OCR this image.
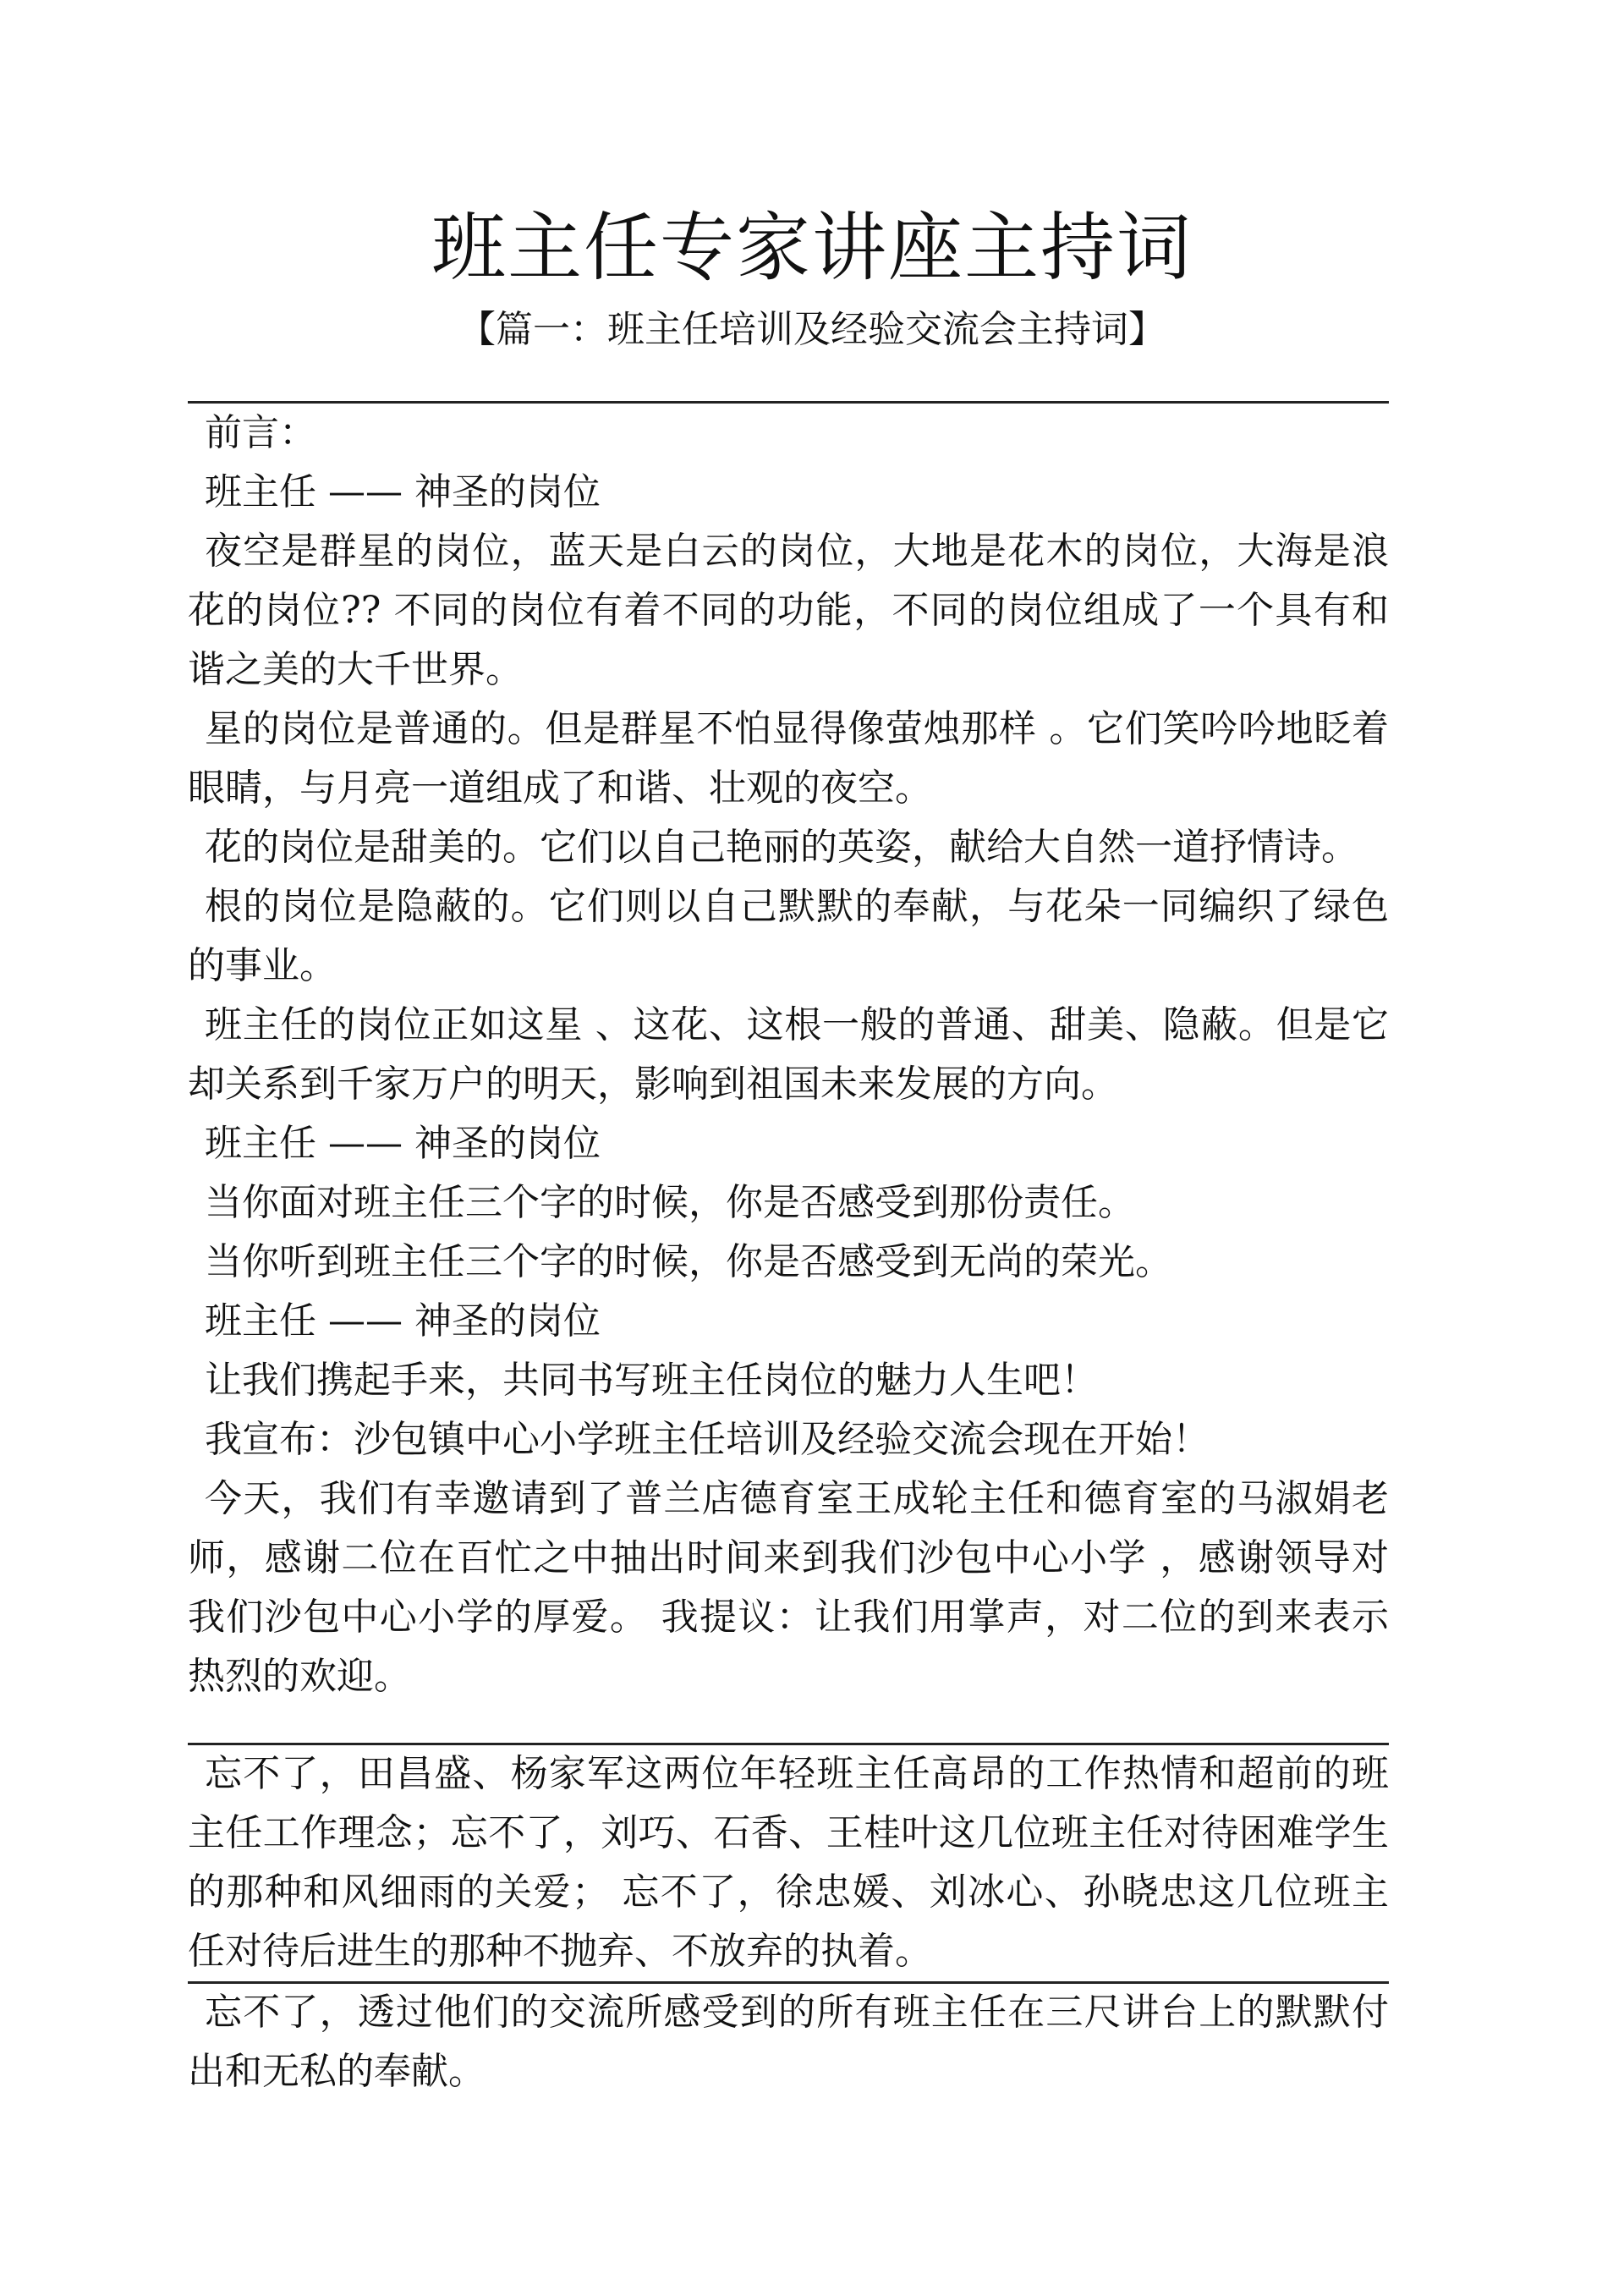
班主任专家讲座主持词
【篇一：班主任培训及经验交流会主持词】

前言：

班主任 —— 神圣的岗位

夜空是群星的岗位，蓝天是白云的岗位，大地是花木的岗位，大海是浪花的岗位?? 不同的岗位有着不同的功能，不同的岗位组成了一个具有和谐之美的大千世界。

星的岗位是普通的。但是群星不怕显得像萤烛那样 。它们笑吟吟地眨着眼睛，与月亮一道组成了和谐、壮观的夜空。

花的岗位是甜美的。它们以自己艳丽的英姿，献给大自然一道抒情诗。

根的岗位是隐蔽的。它们则以自己默默的奉献，与花朵一同编织了绿色的事业。

班主任的岗位正如这星 、这花、这根一般的普通、甜美、隐蔽。但是它却关系到千家万户的明天，影响到祖国未来发展的方向。

班主任 —— 神圣的岗位

当你面对班主任三个字的时候，你是否感受到那份责任。

当你听到班主任三个字的时候，你是否感受到无尚的荣光。

班主任 —— 神圣的岗位

让我们携起手来，共同书写班主任岗位的魅力人生吧！

我宣布：沙包镇中心小学班主任培训及经验交流会现在开始！

今天，我们有幸邀请到了普兰店德育室王成轮主任和德育室的马淑娟老师，感谢二位在百忙之中抽出时间来到我们沙包中心小学 ，感谢领导对我们沙包中心小学的厚爱。 我提议：让我们用掌声，对二位的到来表示热烈的欢迎。

忘不了，田昌盛、杨家军这两位年轻班主任高昂的工作热情和超前的班主任工作理念；忘不了，刘巧、石香、王桂叶这几位班主任对待困难学生的那种和风细雨的关爱； 忘不了，徐忠媛、刘冰心、孙晓忠这几位班主任对待后进生的那种不抛弃、不放弃的执着。

忘不了，透过他们的交流所感受到的所有班主任在三尺讲台上的默默付出和无私的奉献。
